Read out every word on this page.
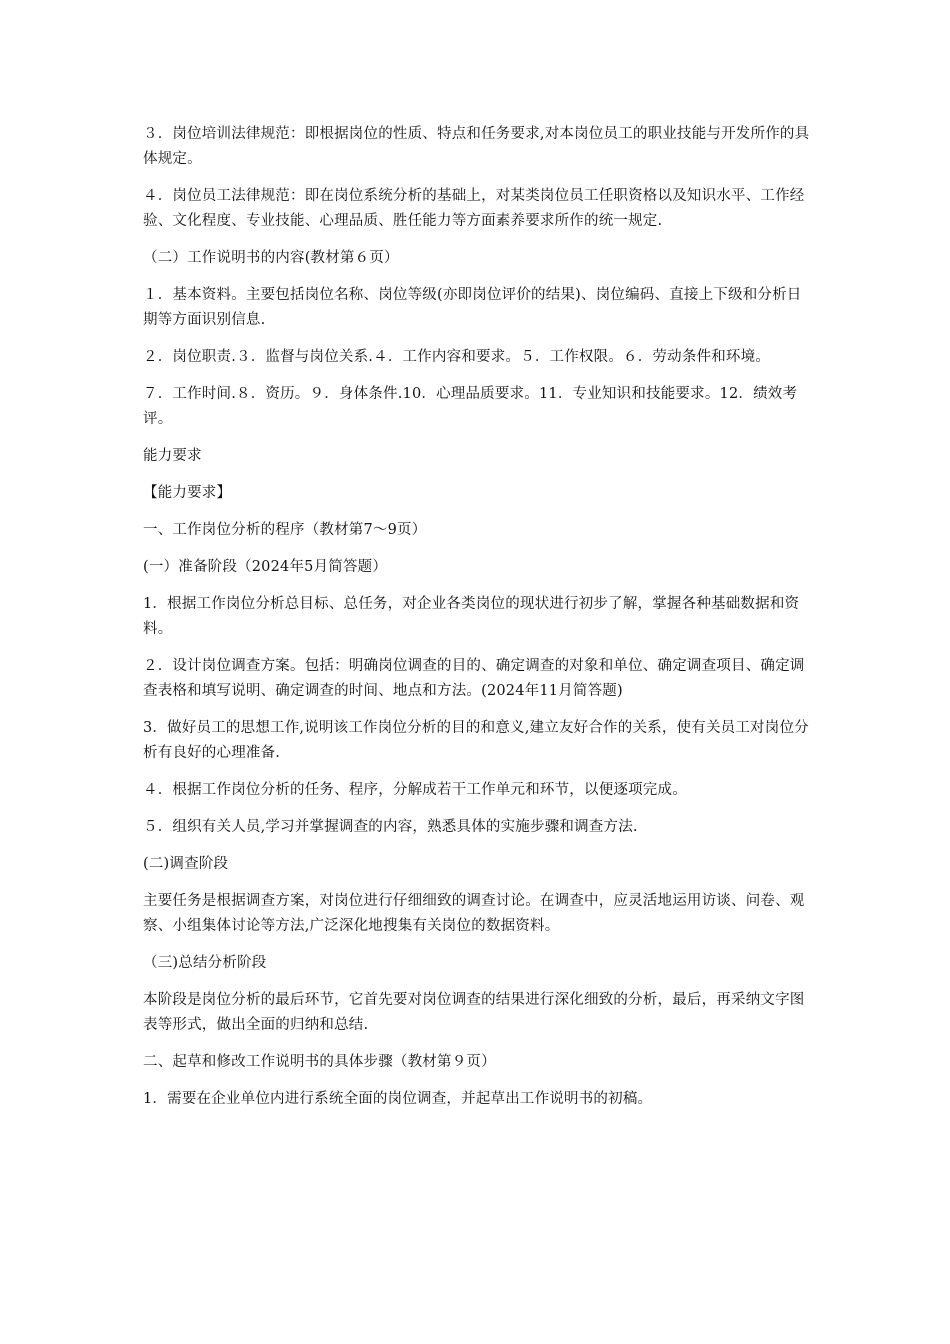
３．岗位培训法律规范：即根据岗位的性质、特点和任务要求,对本岗位员工的职业技能与开发所作的具体规定。

４．岗位员工法律规范：即在岗位系统分析的基础上，对某类岗位员工任职资格以及知识水平、工作经验、文化程度、专业技能、心理品质、胜任能力等方面素养要求所作的统一规定.

（二）工作说明书的内容(教材第６页）

１．基本资料。主要包括岗位名称、岗位等级(亦即岗位评价的结果)、岗位编码、直接上下级和分析日期等方面识别信息.

２．岗位职责.３．监督与岗位关系.４．工作内容和要求。５．工作权限。６．劳动条件和环境。

７．工作时间.８．资历。９．身体条件.10．心理品质要求。11．专业知识和技能要求。12．绩效考评。

能力要求

【能力要求】

一、工作岗位分析的程序（教材第7～9页）

(一）准备阶段（2024年5月简答题）

1．根据工作岗位分析总目标、总任务，对企业各类岗位的现状进行初步了解，掌握各种基础数据和资料。

２．设计岗位调查方案。包括：明确岗位调查的目的、确定调查的对象和单位、确定调查项目、确定调查表格和填写说明、确定调查的时间、地点和方法。(2024年11月简答题)

3．做好员工的思想工作,说明该工作岗位分析的目的和意义,建立友好合作的关系，使有关员工对岗位分析有良好的心理准备.

４．根据工作岗位分析的任务、程序，分解成若干工作单元和环节，以便逐项完成。

５．组织有关人员,学习并掌握调查的内容，熟悉具体的实施步骤和调查方法.

(二)调查阶段

主要任务是根据调查方案，对岗位进行仔细细致的调查讨论。在调查中，应灵活地运用访谈、问卷、观察、小组集体讨论等方法,广泛深化地搜集有关岗位的数据资料。

（三)总结分析阶段

本阶段是岗位分析的最后环节，它首先要对岗位调查的结果进行深化细致的分析，最后，再采纳文字图表等形式，做出全面的归纳和总结.

二、起草和修改工作说明书的具体步骤（教材第９页）

1．需要在企业单位内进行系统全面的岗位调查，并起草出工作说明书的初稿。
